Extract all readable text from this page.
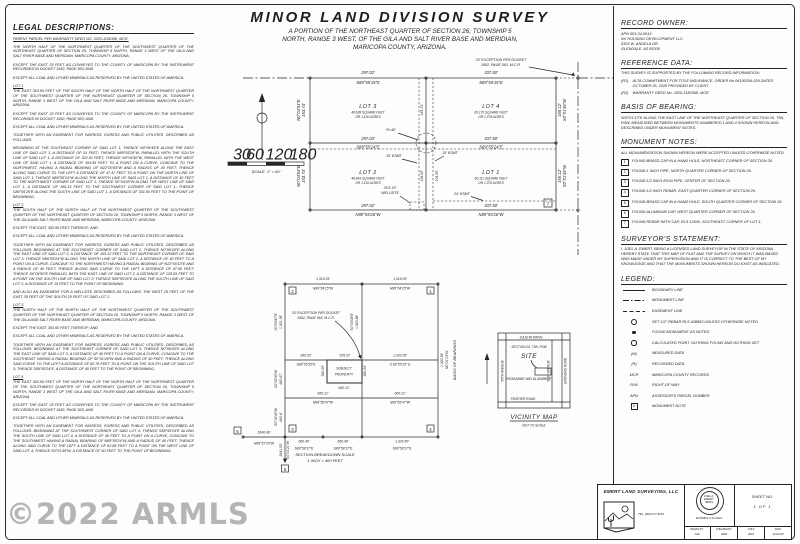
MINOR LAND DIVISION SURVEY
A PORTION OF THE NORTHEAST QUARTER OF SECTION 26, TOWNSHIP 5
NORTH, RANGE 3 WEST, OF THE GILA AND SALT RIVER BASE AND MERIDIAN,
MARICOPA COUNTY, ARIZONA.
LEGAL DESCRIPTIONS:
PARENT PARCEL PER WARRANTY DEED NO. 2020-1180368, MCR:
THE NORTH HALF OF THE NORTHWEST QUARTER OF THE SOUTHWEST QUARTER OF THE NORTHEAST QUARTER OF SECTION 26, TOWNSHIP 5 NORTH, RANGE 3 WEST OF THE GILA AND SALT RIVER BASE AND MERIDIAN, MARICOPA COUNTY, ARIZONA.
EXCEPT THE EAST 25 FEET AS CONVEYED TO THE COUNTY OF MARICOPA BY THE INSTRUMENT RECORDED IN DOCKET 1952, PAGE 563; AND
EXCEPT ALL COAL AND OTHER MINERALS AS RESERVED BY THE UNITED STATES OF AMERICA.
LOT 1
THE EAST 363.50 FEET OF THE SOUTH HALF OF THE NORTH HALF OF THE NORTHWEST QUARTER OF THE SOUTHWEST QUARTER OF THE NORTHEAST QUARTER OF SECTION 26, TOWNSHIP 5 NORTH, RANGE 3 WEST OF THE GILA AND SALT RIVER BASE AND MERIDIAN, MARICOPA COUNTY, ARIZONA.
EXCEPT THE EAST 25 FEET AS CONVEYED TO THE COUNTY OF MARICOPA BY THE INSTRUMENT RECORDED IN DOCKET 1952, PAGE 563; AND
EXCEPT ALL COAL AND OTHER MINERALS AS RESERVED BY THE UNITED STATES OF AMERICA.
TOGETHER WITH AN EASEMENT FOR INGRESS, EGRESS AND PUBLIC UTILITIES, DESCRIBED AS FOLLOWS:
BEGINNING AT THE SOUTHEAST CORNER OF SAID LOT 1, THENCE N0°06'45″E ALONG THE EAST LINE OF SAID LOT 1, A DISTANCE OF 24 FEET; THENCE N89°55'26″W, PARALLEL WITH THE SOUTH LINE OF SAID LOT 1, A DISTANCE OF 322.52 FEET; THENCE N0°04'50″W, PARALLEL WITH THE WEST LINE OF SAID LOT 1, A DISTANCE OF 104.55 FEET TO A POINT ON A CURVE, CONCAVE TO THE NORTHWEST, HAVING A RADIAL BEARING OF N22°00'45″W AND A RADIUS OF 40 FEET; THENCE ALONG SAID CURVE TO THE LEFT A DISTANCE OF 47.47 FEET TO A POINT ON THE NORTH LINE OF SAID LOT 1; THENCE N89°55'24″W ALONG THE NORTH LINE OF SAID LOT 1, A DISTANCE OF 40 FEET TO THE NORTHWEST CORNER OF SAID LOT 1; THENCE S0°04'45″W ALONG THE WEST LINE OF SAID LOT 1, A DISTANCE OF 165.13 FEET TO THE SOUTHWEST CORNER OF SAID LOT 1; THENCE S89°55'26″E ALONG THE SOUTH LINE OF SAID LOT 1, A DISTANCE OF 331.50 FEET TO THE POINT OF BEGINNING.
LOT 2
THE SOUTH HALF OF THE NORTH HALF OF THE NORTHWEST QUARTER OF THE SOUTHWEST QUARTER OF THE NORTHEAST QUARTER OF SECTION 26, TOWNSHIP 5 NORTH, RANGE 3 WEST OF THE GILA AND SALT RIVER BASE AND MERIDIAN, MARICOPA COUNTY, ARIZONA.
EXCEPT THE EAST 363.50 FEET THEREOF; AND
EXCEPT ALL COAL AND OTHER MINERALS AS RESERVED BY THE UNITED STATES OF AMERICA.
TOGETHER WITH AN EASEMENT FOR INGRESS, EGRESS AND PUBLIC UTILITIES, DESCRIBED AS FOLLOWS: BEGINNING AT THE SOUTHEAST CORNER OF SAID LOT 2, THENCE N0°06'45″E ALONG THE EAST LINE OF SAID LOT 2, A DISTANCE OF 165.13 FEET TO THE NORTHEAST CORNER OF SAID LOT 2; THENCE N89°55'24″W ALONG THE NORTH LINE OF SAID LOT 2, A DISTANCE OF 40 FEET TO A POINT ON A CURVE, CONCAVE TO THE NORTHWEST HAVING A RADIAL BEARING OF N22°00'13″E AND A RADIUS OF 40 FEET; THENCE ALONG SAID CURVE TO THE LEFT A DISTANCE OF 47.50 FEET; THENCE S0°04'50″E PARALLEL WITH THE EAST LINE OF SAID LOT 2, A DISTANCE OF 128.05 FEET TO A POINT ON THE SOUTH LINE OF SAID LOT 2; THENCE S89°55'26″E ALONG THE SOUTH LINE OF SAID LOT 2, A DISTANCE OF 15 FEET TO THE POINT OF BEGINNING.
AND ALSO AN EASEMENT FOR A WELLSITE DESCRIBED AS FOLLOWS: THE WEST 25 FEET OF THE EAST 35 FEET OF THE SOUTH 20 FEET OF SAID LOT 2.
LOT 3
THE NORTH HALF OF THE NORTH HALF OF THE NORTHWEST QUARTER OF THE SOUTHWEST QUARTER OF THE NORTHEAST QUARTER OF SECTION 26, TOWNSHIP 5 NORTH, RANGE 3 WEST OF THE GILA AND SALT RIVER BASE AND MERIDIAN, MARICOPA COUNTY, ARIZONA.
EXCEPT THE EAST 363.50 FEET THEREOF; AND
EXCEPT ALL COAL AND OTHER MINERALS AS RESERVED BY THE UNITED STATES OF AMERICA.
TOGETHER WITH AN EASEMENT FOR INGRESS, EGRESS AND PUBLIC UTILITIES, DESCRIBED AS FOLLOWS: BEGINNING AT THE SOUTHEAST CORNER OF SAID LOT 3, THENCE N0°06'45″E ALONG THE EAST LINE OF SAID LOT 3, A DISTANCE OF 40 FEET TO A POINT ON A CURVE, CONCAVE TO THE SOUTHEAST HAVING A RADIAL BEARING OF S0°01'45″W AND A RADIUS OF 40 FEET; THENCE ALONG SAID CURVE TO THE LEFT A DISTANCE OF 62.76 FEET TO A POINT ON THE SOUTH LINE OF SAID LOT 3; THENCE S89°55'24″E, A DISTANCE OF 40 FEET TO THE POINT OF BEGINNING.
LOT 4
THE EAST 363.50 FEET OF THE NORTH HALF OF THE NORTH HALF OF THE NORTHWEST QUARTER OF THE SOUTHWEST QUARTER OF THE NORTHEAST QUARTER OF SECTION 26, TOWNSHIP 5 NORTH, RANGE 3 WEST OF THE GILA AND SALT RIVER BASE AND MERIDIAN, MARICOPA COUNTY, ARIZONA.
EXCEPT THE EAST 25 FEET AS CONVEYED TO THE COUNTY OF MARICOPA BY THE INSTRUMENT RECORDED IN DOCKET 1952, PAGE 563; AND
EXCEPT ALL COAL AND OTHER MINERALS AS RESERVED BY THE UNITED STATES OF AMERICA.
TOGETHER WITH AN EASEMENT FOR INGRESS, EGRESS AND PUBLIC UTILITIES, DESCRIBED AS FOLLOWS: BEGINNING AT THE SOUTHWEST CORNER OF SAID LOT 4, THENCE S89°55'24″E ALONG THE SOUTH LINE OF SAID LOT 4, A DISTANCE OF 40 FEET TO A POINT ON A CURVE, CONCAVE TO THE SOUTHWEST HAVING A RADIAL BEARING OF N89°55'24″W AND A RADIUS OF 40 FEET; THENCE ALONG SAID CURVE TO THE LEFT A DISTANCE OF 62.88 FEET TO A POINT ON THE WEST LINE OF SAID LOT 4; THENCE S0°01'45″W, A DISTANCE OF 40 FEET TO THE POINT OF BEGINNING.
297.02'
S89°55'15″E
337.50'
S89°55'15″E
297.03'
S89°55'24″E
337.50'
S89°55'24″E
297.02'
N89°55'26″W
337.50'
N89°55'26″W
163.74'
N0°04'54″E
163.74'
N0°04'54″E
165.12' S0°01'45″W
165.12' S0°01'45″W
165.13'
128.05'	104.55'
LOT 3
48,638 SQUARE FEET
OR 1.116 ACRES
LOT 4
60,170 SQUARE FEET
OR 1.379 ACRES
LOT 2
48,643 SQUARE FEET
OR 1.116 ACRES
LOT 1
60,111 SQUARE FEET
OR 1.375 ACRES
25' EXCEPTION PER DOCKET
1952, PAGE 563, M.C.R.
R=40'
15' ESMT
15' ESMT
24' ESMT
25'X 20'
WELLSITE
7
30
60 120
180
SCALE: 1″ = 60'
2	1
3	4
6
5
1,319.29'
N89°54'15″W
1,319.29'
N89°54'15″W
660.02'
S89°55'15″E
635.02'	1,320.05'
S 89°55'15″ E
660.21'
N89°55'47″W
660.21'
S89°55'47″W
660.40'
S89°58'17″E
660.40'
S89°58'17″E
1,320.80'
S89°58'17″E
1,321.35'
S0°03'47″E
660.67'
S0°02'43″W
660.6'
S0°02'43″W
1,320.88'
S0°03'08″E
1,320.58' N0°01'13″W BASIS OF BEARINGS
2640.49'
N89°57'26″W
2641.53' S0°01'21″W
SUBJECT
PROPERTY
660.12'
330.29'	330.24'
25' EXCEPTION PER DOCKET
1952, PAGE 563, M.C.R.
SECTION BREAKDOWN SCALE
1 INCH = 400 FEET
JULIETA DRIVE
SECTION 26, T5N, R3W
SITE
ROSEANNE WAY ALIGNMENT
FEATHER ROAD
55TH AVENUE	51ST AVENUE	GROVERS ROAD
VICINITY MAP
NOT TO SCALE
RECORD OWNER:
APN 503-34-001X
NV HOUSING DEVELOPMENT LLC
5303 W. ANGELA DR.
GLENDALE, AZ 85308
REFERENCE DATA:
THIS SURVEY IS SUPPORTED BY THE FOLLOWING RECORD INFORMATION:
(R1)	ALTA COMMITMENT FOR TITLE INSURANCE, ORDER No.06190256-029 DATED OCTOBER 26, 2020 PROVIDED BY CLIENT
(R2)	WARRANTY DEED No. 2020-1180368, MCR
BASIS OF BEARING:
S00°01'13″E ALONG THE EAST LINE OF THE NORTHEAST QUARTER OF SECTION 26, T5N, R3W, MEASURED BETWEEN MONUMENTS NUMBERED 1 AND 4 SHOWN HEREON AND DESCRIBED UNDER MONUMENT NOTES.
MONUMENT NOTES:
ALL MONUMENTATION SHOWN HEREON WERE ACCEPTED UNLESS OTHERWISE NOTED.
1	FOUND BRASS CAP IN A HAND HOLE, NORTHEAST CORNER OF SECTION 26.
2	FOUND 1 INCH PIPE, NORTH QUARTER CORNER OF SECTION 26.
3	FOUND 1/2 INCH IRON PIPE, CENTER OF SECTION 26.
4	FOUND 1/2 INCH REBAR, EAST QUARTER CORNER OF SECTION 26.
5	FOUND BRASS CAP IN A HAND HOLE, SOUTH QUARTER CORNER OF SECTION 26.
6	FOUND ALUMINUM CAP, WEST QUARTER CORNER OF SECTION 26.
7	FOUND REBAR WITH CAP, RLS 12600, SOUTHEAST CORNER OF LOT 1.
SURVEYOR'S STATEMENT:
I, JOEL A. EMERT, BEING A LICENSED LAND SURVEYOR IN THE STATE OF ARIZONA HEREBY STATE THAT THIS MAP OF PLAT AND THE SURVEY ON WHICH IT WAS BASED WAS MADE UNDER MY SUPERVISION AND IT IS CORRECT TO THE BEST OF MY KNOWLEDGE AND THAT THE MONUMENTS SHOWN HEREON DO EXIST AS INDICATED.
LEGEND:
BOUNDARY LINE
MONUMENT LINE
EASEMENT LINE
SET 1/2″ REBAR RLS #38863 UNLESS OTHERWISE NOTED
FOUND MONUMENT AS NOTED
CALCULATED POINT, NOTHING FOUND AND NOTHING SET
(M)	MEASURED DATA
(R)	RECORDED DATA
MCR	MARICOPA COUNTY RECORDS
R/W	RIGHT-OF-WAY
APN	ASSESSOR'S PARCEL NUMBER
#	MONUMENT NOTE
©2022 ARMLS
EMERT LAND SURVEYING, LLC
TEL. (602)717-6163
JOEL A.
EMERT
38863
EXPIRES 3-31-2021
SHEET NO.
1 OF 1
DRAWN BY:
JAE
CHECKED BY:
GEM
JOB #
2001
DATE
12-04-20
